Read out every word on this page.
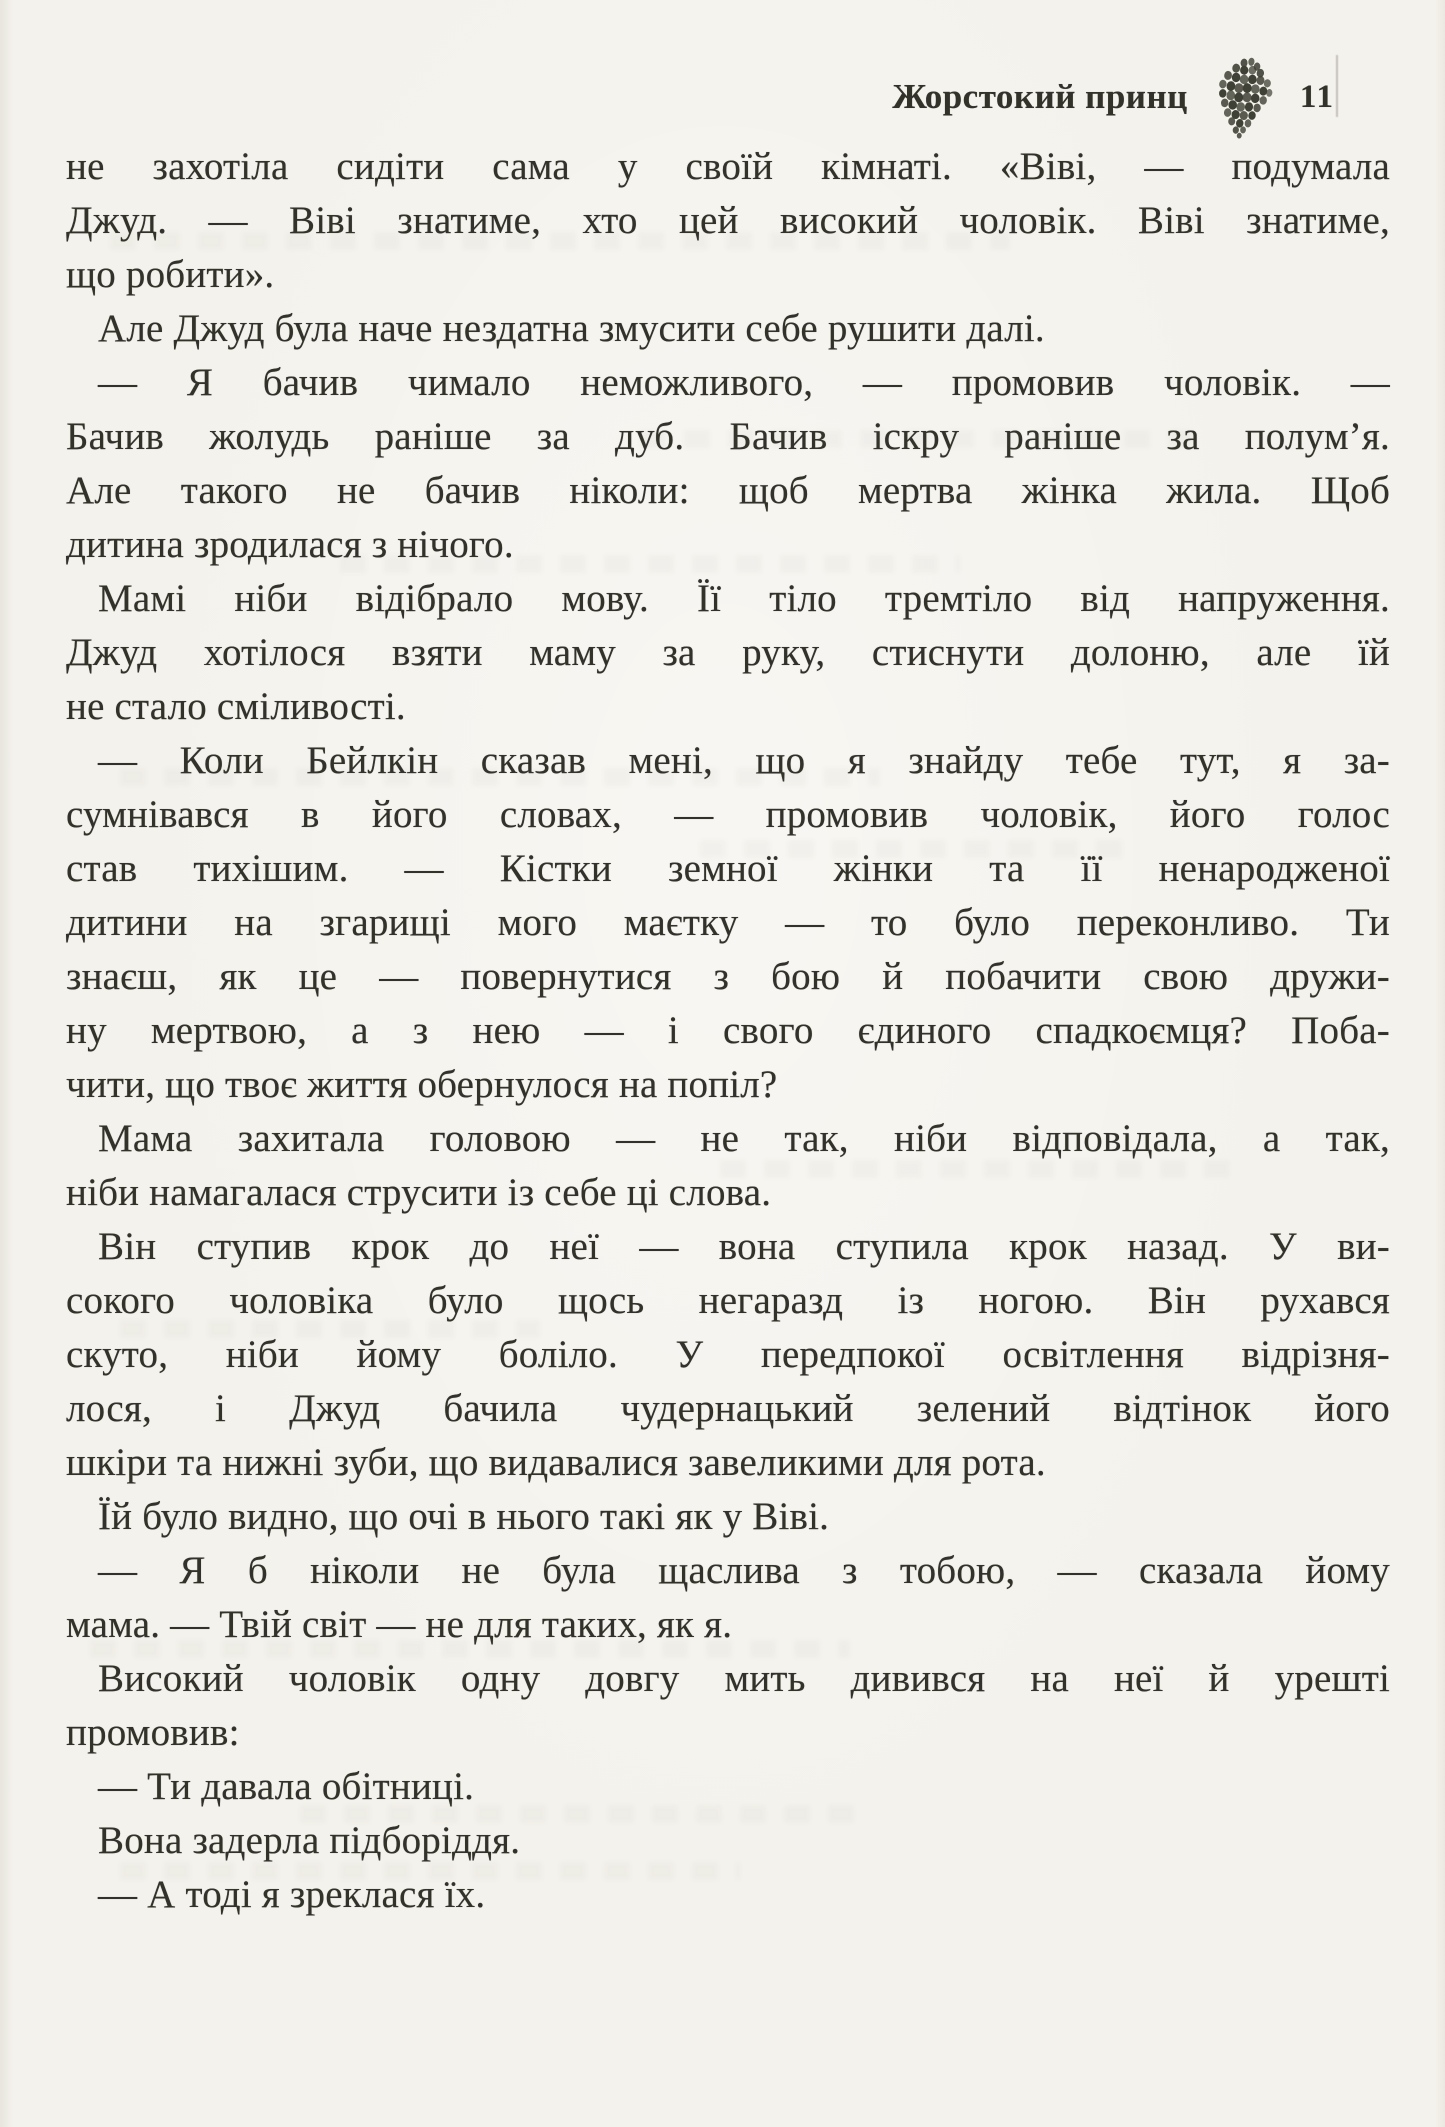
Жорстокий принц	11
не захотіла сидіти сама у своїй кімнаті. «Віві, — подумала
Джуд. — Віві знатиме, хто цей високий чоловік. Віві знатиме,
що робити».
Але Джуд була наче нездатна змусити себе рушити далі.
— Я бачив чимало неможливого, — промовив чоловік. —
Бачив жолудь раніше за дуб. Бачив іскру раніше за полум’я.
Але такого не бачив ніколи: щоб мертва жінка жила. Щоб
дитина зродилася з нічого.
Мамі ніби відібрало мову. Її тіло тремтіло від напруження.
Джуд хотілося взяти маму за руку, стиснути долоню, але їй
не стало сміливості.
— Коли Бейлкін сказав мені, що я знайду тебе тут, я за-
сумнівався в його словах, — промовив чоловік, його голос
став тихішим. — Кістки земної жінки та її ненародженої
дитини на згарищі мого маєтку — то було переконливо. Ти
знаєш, як це — повернутися з бою й побачити свою дружи-
ну мертвою, а з нею — і свого єдиного спадкоємця? Поба-
чити, що твоє життя обернулося на попіл?
Мама захитала головою — не так, ніби відповідала, а так,
ніби намагалася струсити із себе ці слова.
Він ступив крок до неї — вона ступила крок назад. У ви-
сокого чоловіка було щось негаразд із ногою. Він рухався
скуто, ніби йому боліло. У передпокої освітлення відрізня-
лося, і Джуд бачила чудернацький зелений відтінок його
шкіри та нижні зуби, що видавалися завеликими для рота.
Їй було видно, що очі в нього такі як у Віві.
— Я б ніколи не була щаслива з тобою, — сказала йому
мама. — Твій світ — не для таких, як я.
Високий чоловік одну довгу мить дивився на неї й урешті
промовив:
— Ти давала обітниці.
Вона задерла підборіддя.
— А тоді я зреклася їх.
